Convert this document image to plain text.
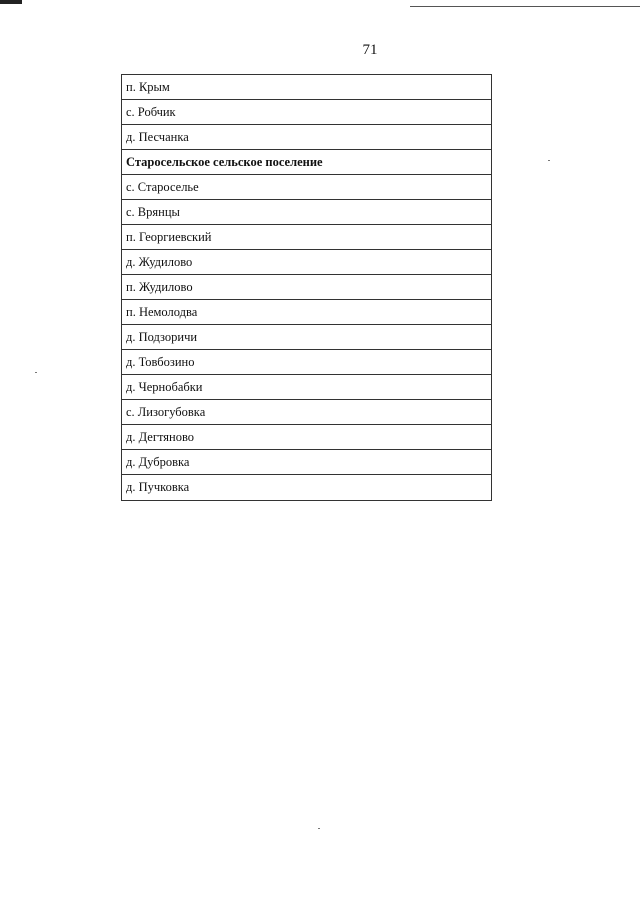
71
п. Крым
с. Робчик
д. Песчанка
Старосельское сельское поселение
с. Староселье
с. Врянцы
п. Георгиевский
д. Жудилово
п. Жудилово
п. Немолодва
д. Подзоричи
д. Товбозино
д. Чернобабки
с. Лизогубовка
д. Дегтяново
д. Дубровка
д. Пучковка
